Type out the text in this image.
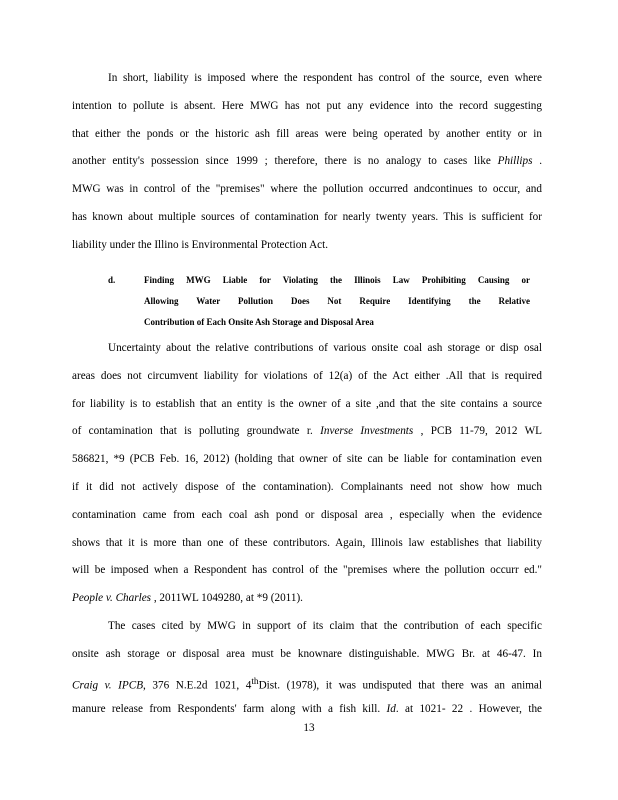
In short, liability is imposed where the respondent has control of the source, even where
intention to pollute is absent. Here MWG has not put any evidence into the record suggesting
that either the ponds or the historic ash fill areas were being operated by another entity or in
another entity's possession since 1999 ; therefore, there is no analogy to cases like Phillips .
MWG was in control of the "premises" where the pollution occurred andcontinues to occur, and
has known about multiple sources of contamination for nearly twenty years. This is sufficient for
liability under the Illino is Environmental Protection Act.
d.	Finding MWG Liable for Violating the Illinois Law Prohibiting Causing or
Allowing Water Pollution Does Not Require Identifying the Relative
Contribution of Each Onsite Ash Storage and Disposal Area
Uncertainty about the relative contributions of various onsite coal ash storage or disp osal
areas does not circumvent liability for violations of 12(a) of the Act either .All that is required
for liability is to establish that an entity is the owner of a site ,and that the site contains a source
of contamination that is polluting groundwate r. Inverse Investments , PCB 11-79, 2012 WL
586821, *9 (PCB Feb. 16, 2012) (holding that owner of site can be liable for contamination even
if it did not actively dispose of the contamination). Complainants need not show how much
contamination came from each coal ash pond or disposal area , especially when the evidence
shows that it is more than one of these contributors. Again, Illinois law establishes that liability
will be imposed when a Respondent has control of the "premises where the pollution occurr ed."
People v. Charles , 2011WL 1049280, at *9 (2011).
The cases cited by MWG in support of its claim that the contribution of each specific
onsite ash storage or disposal area must be knownare distinguishable. MWG Br. at 46-47. In
Craig v. IPCB, 376 N.E.2d 1021, 4thDist. (1978), it was undisputed that there was an animal
manure release from Respondents' farm along with a fish kill. Id. at 1021- 22 . However, the
13
